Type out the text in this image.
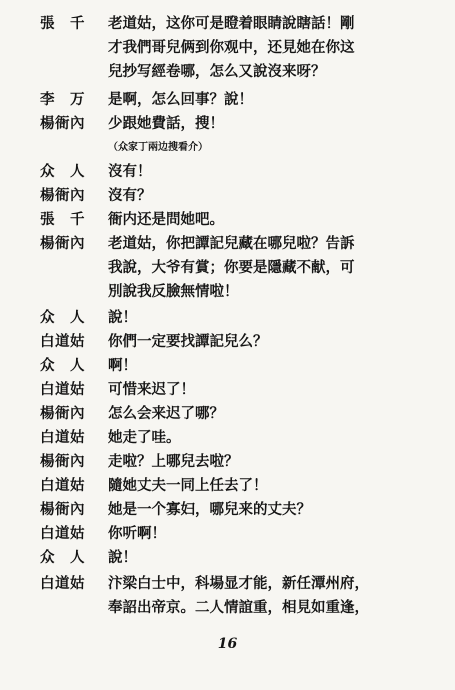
張　千	老道姑，这你可是瞪着眼睛說瞎話！剛
才我們哥兒俩到你观中，还見她在你这
兒抄写經卷哪，怎么又說沒来呀？
李　万	是啊，怎么回事？說！
楊衙內	少跟她費話，搜！
（众家丁兩边搜看介）
众　人	沒有！
楊衙內	沒有？
張　千	衙内还是問她吧。
楊衙內	老道姑，你把譚記兒藏在哪兒啦？告訴
我說，大爷有賞；你要是隱藏不献，可
別說我反臉無情啦！
众　人	說！
白道姑	你們一定要找譚記兒么？
众　人	啊！
白道姑	可惜来迟了！
楊衙內	怎么会来迟了哪？
白道姑	她走了哇。
楊衙內	走啦？上哪兒去啦？
白道姑	隨她丈夫一同上任去了！
楊衙內	她是一个寡妇，哪兒来的丈夫？
白道姑	你听啊！
众　人	說！
白道姑	汴梁白士中，科場显才能，新任潭州府，
奉詔出帝京。二人情誼重，相見如重逢，
16
